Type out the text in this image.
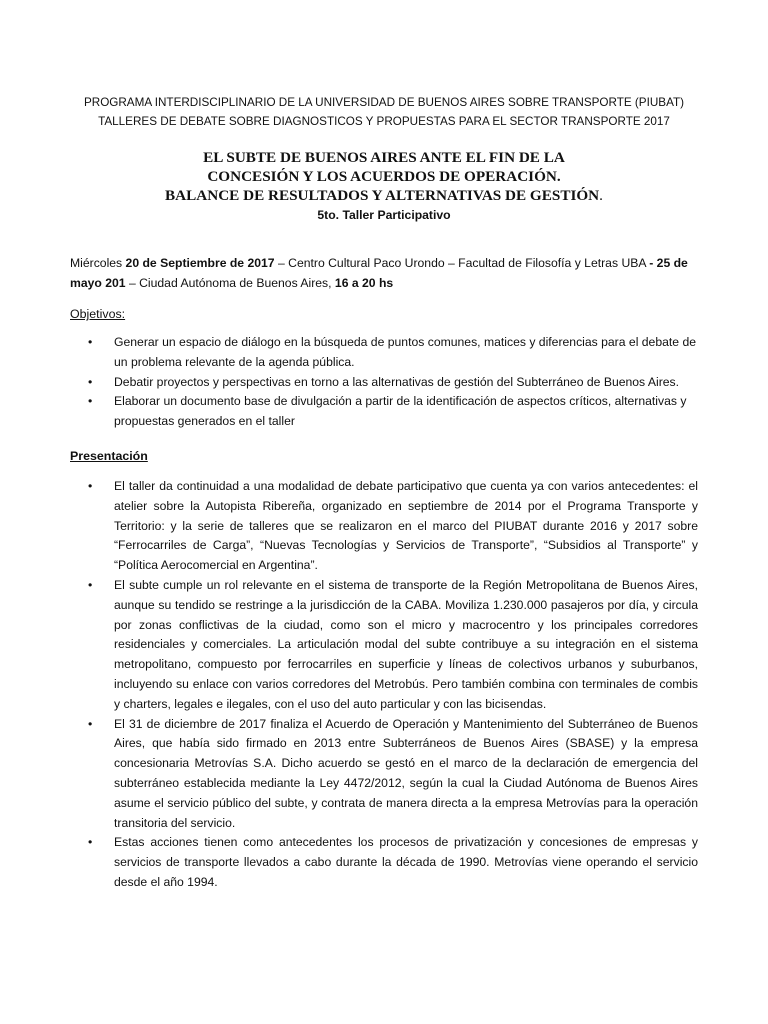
PROGRAMA INTERDISCIPLINARIO DE LA UNIVERSIDAD DE BUENOS AIRES SOBRE TRANSPORTE (PIUBAT)
TALLERES DE DEBATE SOBRE DIAGNOSTICOS Y PROPUESTAS PARA EL SECTOR TRANSPORTE 2017
EL SUBTE DE BUENOS AIRES ANTE EL FIN DE LA
CONCESIÓN Y LOS ACUERDOS DE OPERACIÓN.
BALANCE DE RESULTADOS Y ALTERNATIVAS DE GESTIÓN.
5to. Taller Participativo
Miércoles 20 de Septiembre de 2017 – Centro Cultural Paco Urondo – Facultad de Filosofía y Letras UBA - 25 de mayo 201 – Ciudad Autónoma de Buenos Aires, 16 a 20 hs
Objetivos:
• Generar un espacio de diálogo en la búsqueda de puntos comunes, matices y diferencias para el debate de un problema relevante de la agenda pública.
• Debatir proyectos y perspectivas en torno a las alternativas de gestión del Subterráneo de Buenos Aires.
• Elaborar un documento base de divulgación a partir de la identificación de aspectos críticos, alternativas y propuestas generados en el taller
Presentación
• El taller da continuidad a una modalidad de debate participativo que cuenta ya con varios antecedentes: el atelier sobre la Autopista Ribereña, organizado en septiembre de 2014 por el Programa Transporte y Territorio: y la serie de talleres que se realizaron en el marco del PIUBAT durante 2016 y 2017 sobre “Ferrocarriles de Carga”, “Nuevas Tecnologías y Servicios de Transporte”, “Subsidios al Transporte” y “Política Aerocomercial en Argentina”.
• El subte cumple un rol relevante en el sistema de transporte de la Región Metropolitana de Buenos Aires, aunque su tendido se restringe a la jurisdicción de la CABA. Moviliza 1.230.000 pasajeros por día, y circula por zonas conflictivas de la ciudad, como son el micro y macrocentro y los principales corredores residenciales y comerciales. La articulación modal del subte contribuye a su integración en el sistema metropolitano, compuesto por ferrocarriles en superficie y líneas de colectivos urbanos y suburbanos, incluyendo su enlace con varios corredores del Metrobús. Pero también combina con terminales de combis y charters, legales e ilegales, con el uso del auto particular y con las bicisendas.
• El 31 de diciembre de 2017 finaliza el Acuerdo de Operación y Mantenimiento del Subterráneo de Buenos Aires, que había sido firmado en 2013 entre Subterráneos de Buenos Aires (SBASE) y la empresa concesionaria Metrovías S.A. Dicho acuerdo se gestó en el marco de la declaración de emergencia del subterráneo establecida mediante la Ley 4472/2012, según la cual la Ciudad Autónoma de Buenos Aires asume el servicio público del subte, y contrata de manera directa a la empresa Metrovías para la operación transitoria del servicio.
• Estas acciones tienen como antecedentes los procesos de privatización y concesiones de empresas y servicios de transporte llevados a cabo durante la década de 1990. Metrovías viene operando el servicio desde el año 1994.
